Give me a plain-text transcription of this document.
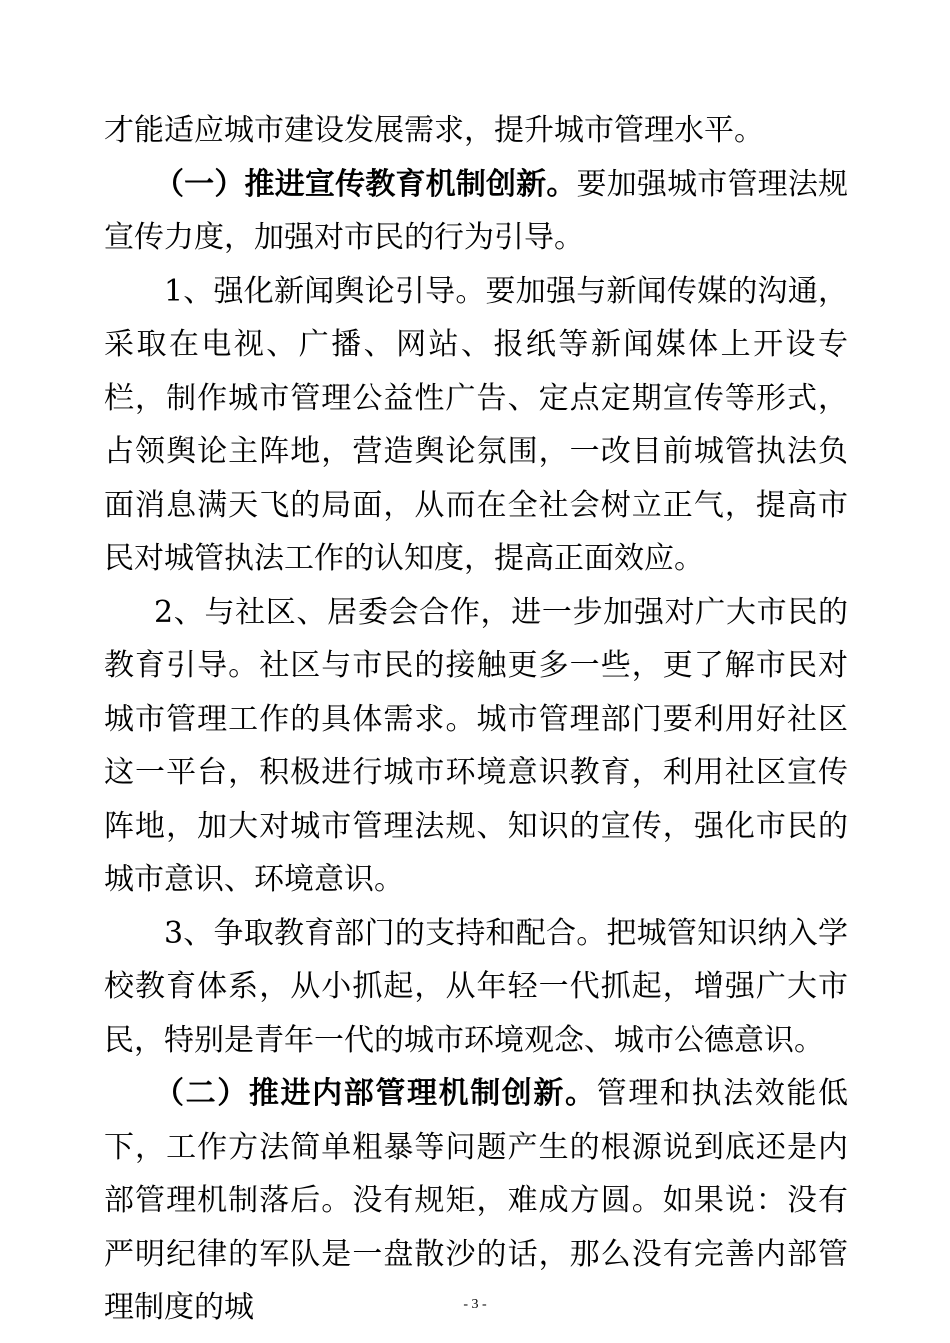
才能适应城市建设发展需求，提升城市管理水平。

（一）推进宣传教育机制创新。要加强城市管理法规宣传力度，加强对市民的行为引导。

1、强化新闻舆论引导。要加强与新闻传媒的沟通，采取在电视、广播、网站、报纸等新闻媒体上开设专栏，制作城市管理公益性广告、定点定期宣传等形式，占领舆论主阵地，营造舆论氛围，一改目前城管执法负面消息满天飞的局面，从而在全社会树立正气，提高市民对城管执法工作的认知度，提高正面效应。

2、与社区、居委会合作，进一步加强对广大市民的教育引导。社区与市民的接触更多一些，更了解市民对城市管理工作的具体需求。城市管理部门要利用好社区这一平台，积极进行城市环境意识教育，利用社区宣传阵地，加大对城市管理法规、知识的宣传，强化市民的城市意识、环境意识。

3、争取教育部门的支持和配合。把城管知识纳入学校教育体系，从小抓起，从年轻一代抓起，增强广大市民，特别是青年一代的城市环境观念、城市公德意识。

（二）推进内部管理机制创新。管理和执法效能低下，工作方法简单粗暴等问题产生的根源说到底还是内部管理机制落后。没有规矩，难成方圆。如果说：没有严明纪律的军队是一盘散沙的话，那么没有完善内部管理制度的城	- 3 -
